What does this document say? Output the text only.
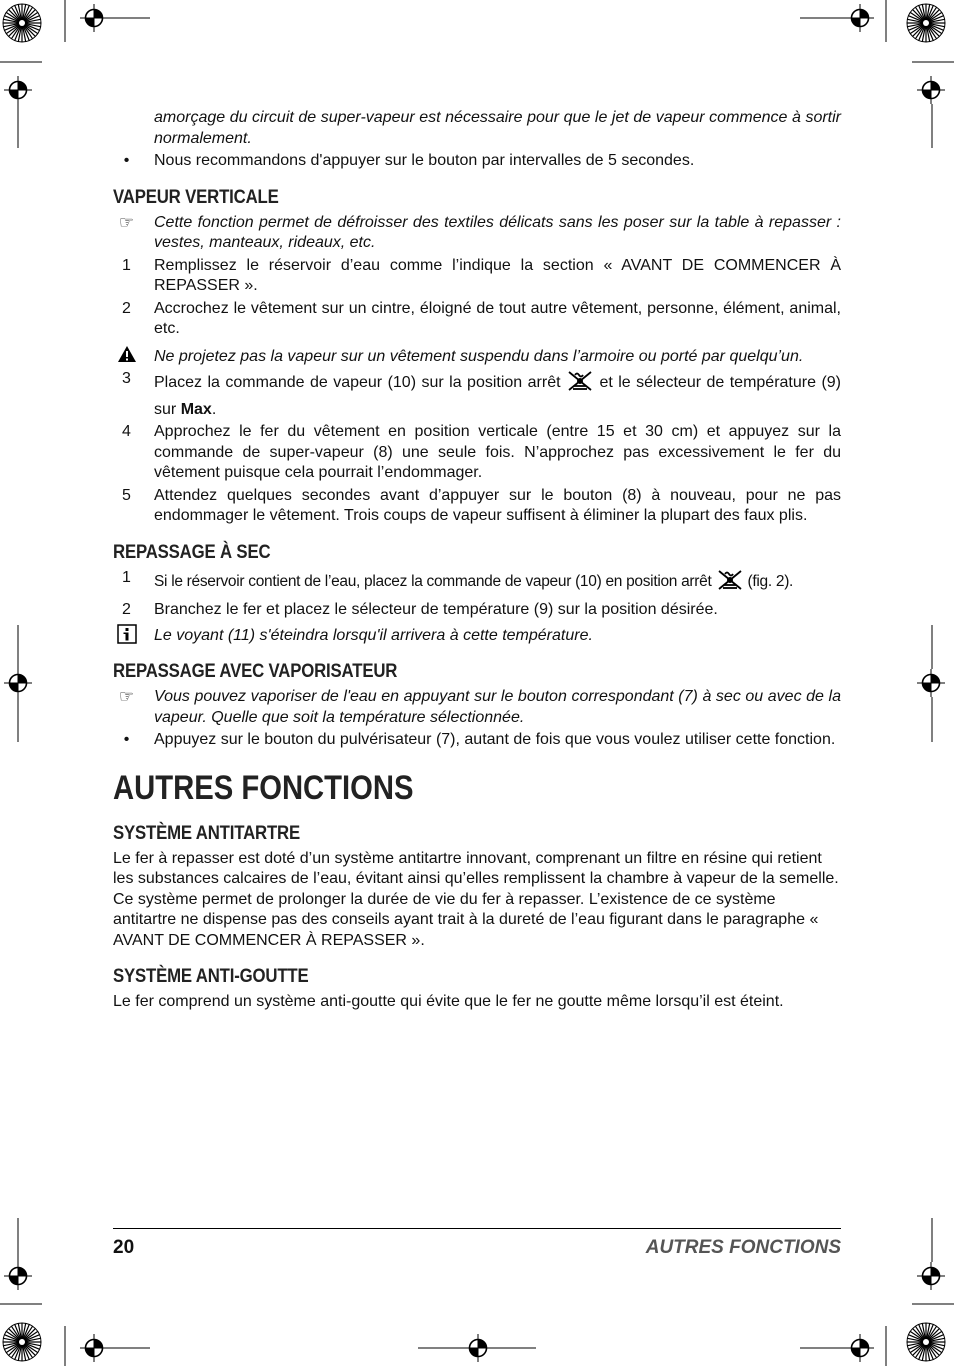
amorçage du circuit de super-vapeur est nécessaire pour que le jet de vapeur commence à sortir normalement.

•	Nous recommandons d'appuyer sur le bouton par intervalles de 5 secondes.

VAPEUR VERTICALE

☞	Cette fonction permet de défroisser des textiles délicats sans les poser sur la table à repasser : vestes, manteaux, rideaux, etc.

1	Remplissez le réservoir d’eau comme l’indique la section « AVANT DE COMMENCER À REPASSER ».

2	Accrochez le vêtement sur un cintre, éloigné de tout autre vêtement, personne, élément, animal, etc.

Ne projetez pas la vapeur sur un vêtement suspendu dans l’armoire ou porté par quelqu’un.

3	Placez la commande de vapeur (10) sur la position arrêt et le sélecteur de température (9) sur Max.

4	Approchez le fer du vêtement en position verticale (entre 15 et 30 cm) et appuyez sur la commande de super-vapeur (8) une seule fois. N’approchez pas excessivement le fer du vêtement puisque cela pourrait l’endommager.

5	Attendez quelques secondes avant d’appuyer sur le bouton (8) à nouveau, pour ne pas endommager le vêtement. Trois coups de vapeur suffisent à éliminer la plupart des faux plis.

REPASSAGE À SEC

1	Si le réservoir contient de l’eau, placez la commande de vapeur (10) en position arrêt (fig. 2).

2	Branchez le fer et placez le sélecteur de température (9) sur la position désirée.

Le voyant (11) s'éteindra lorsqu'il arrivera à cette température.

REPASSAGE AVEC VAPORISATEUR

☞	Vous pouvez vaporiser de l'eau en appuyant sur le bouton correspondant (7) à sec ou avec de la vapeur. Quelle que soit la température sélectionnée.

•	Appuyez sur le bouton du pulvérisateur (7), autant de fois que vous voulez utiliser cette fonction.

AUTRES FONCTIONS
SYSTÈME ANTITARTRE

Le fer à repasser est doté d’un système antitartre innovant, comprenant un filtre en résine qui retient les substances calcaires de l’eau, évitant ainsi qu’elles remplissent la chambre à vapeur de la semelle. Ce système permet de prolonger la durée de vie du fer à repasser. L’existence de ce système antitartre ne dispense pas des conseils ayant trait à la dureté de l’eau figurant dans le paragraphe « AVANT DE COMMENCER À REPASSER ».

SYSTÈME ANTI-GOUTTE

Le fer comprend un système anti-goutte qui évite que le fer ne goutte même lorsqu’il est éteint.

20	AUTRES FONCTIONS
